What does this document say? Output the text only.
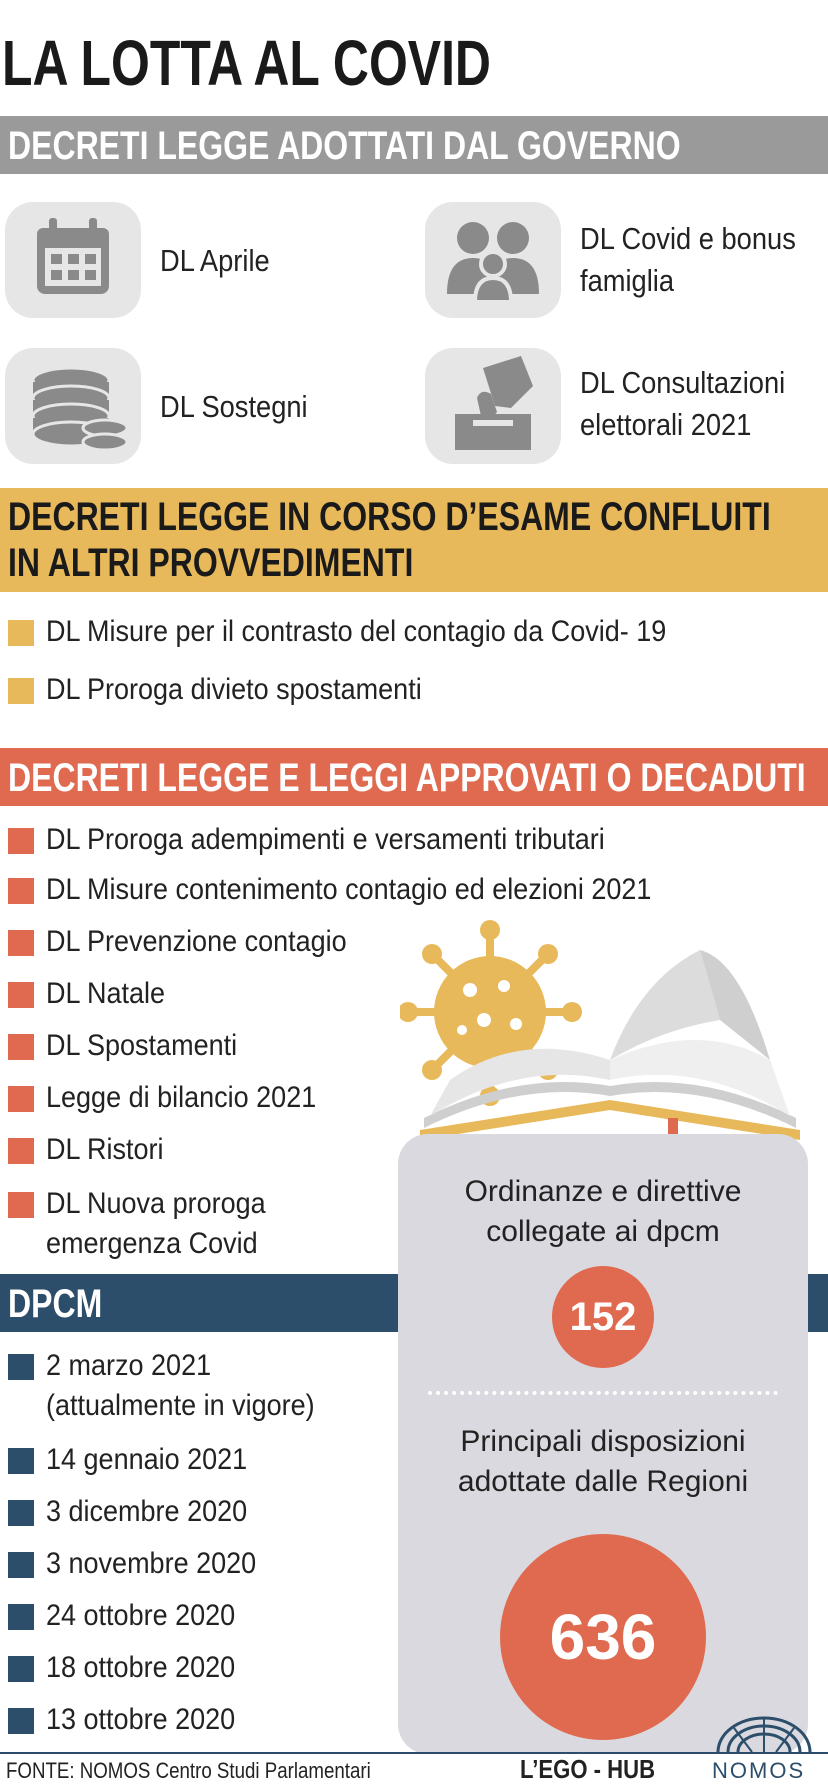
LA LOTTA AL COVID
DECRETI LEGGE ADOTTATI DAL GOVERNO
DL Aprile
DL Covid e bonus
famiglia
DL Sostegni
DL Consultazioni
elettorali 2021
DECRETI LEGGE IN CORSO D’ESAME CONFLUITI
IN ALTRI PROVVEDIMENTI
DL Misure per il contrasto del contagio da Covid- 19
DL Proroga divieto spostamenti
DECRETI LEGGE E LEGGI APPROVATI O DECADUTI
DL Proroga adempimenti e versamenti tributari
DL Misure contenimento contagio ed elezioni 2021
DL Prevenzione contagio
DL Natale
DL Spostamenti
Legge di bilancio 2021
DL Ristori
DL Nuova proroga
emergenza Covid
DPCM
2 marzo 2021
(attualmente in vigore)
14 gennaio 2021
3 dicembre 2020
3 novembre 2020
24 ottobre 2020
18 ottobre 2020
13 ottobre 2020
Ordinanze e direttive
collegate ai dpcm
152
Principali disposizioni
adottate dalle Regioni
636
FONTE: NOMOS Centro Studi Parlamentari	L’EGO - HUB	NOMOS
